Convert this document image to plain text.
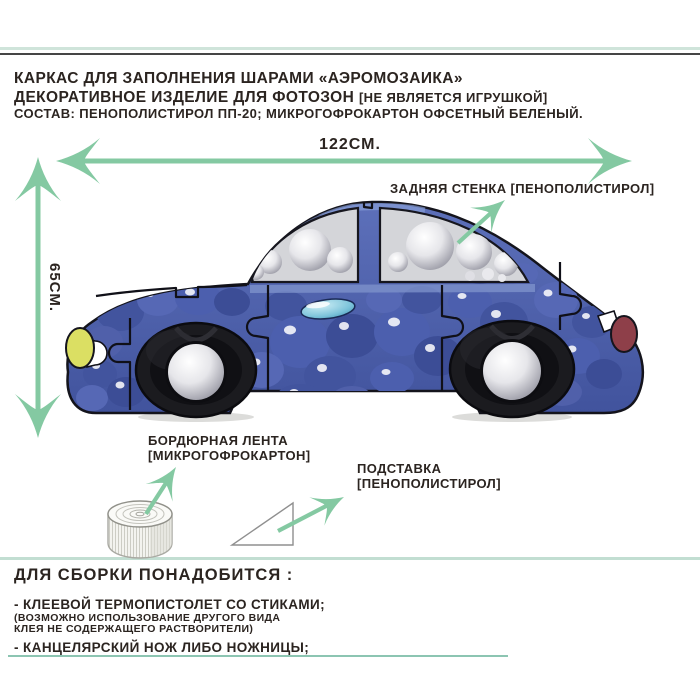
КАРКАС ДЛЯ ЗАПОЛНЕНИЯ ШАРАМИ «АЭРОМОЗАИКА»
ДЕКОРАТИВНОЕ ИЗДЕЛИЕ ДЛЯ ФОТОЗОН [НЕ ЯВЛЯЕТСЯ ИГРУШКОЙ]
СОСТАВ: ПЕНОПОЛИСТИРОЛ ПП-20; МИКРОГОФРОКАРТОН ОФСЕТНЫЙ БЕЛЕНЫЙ.
122СМ.
65СМ.
ЗАДНЯЯ СТЕНКА [ПЕНОПОЛИСТИРОЛ]
БОРДЮРНАЯ ЛЕНТА
[МИКРОГОФРОКАРТОН]
ПОДСТАВКА
[ПЕНОПОЛИСТИРОЛ]
ДЛЯ СБОРКИ ПОНАДОБИТСЯ :
- КЛЕЕВОЙ ТЕРМОПИСТОЛЕТ СО СТИКАМИ;
(ВОЗМОЖНО ИСПОЛЬЗОВАНИЕ ДРУГОГО ВИДА
КЛЕЯ НЕ СОДЕРЖАЩЕГО РАСТВОРИТЕЛИ)
- КАНЦЕЛЯРСКИЙ НОЖ ЛИБО НОЖНИЦЫ;
